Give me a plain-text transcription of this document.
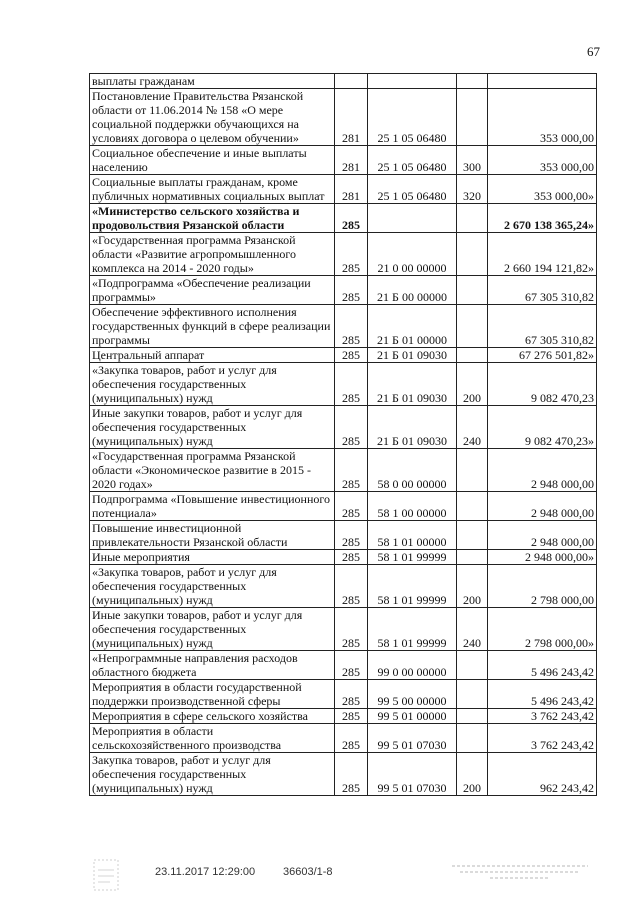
67
выплаты гражданам				
Постановление Правительства Рязанской области от 11.06.2014 № 158 «О мере социальной поддержки обучающихся на условиях договора о целевом обучении»	281	25 1 05 06480		353 000,00
Социальное обеспечение и иные выплаты населению	281	25 1 05 06480	300	353 000,00
Социальные выплаты гражданам, кроме публичных нормативных социальных выплат	281	25 1 05 06480	320	353 000,00»
«Министерство сельского хозяйства и продовольствия Рязанской области	285			2 670 138 365,24»
«Государственная программа Рязанской области «Развитие агропромышленного комплекса на 2014 - 2020 годы»	285	21 0 00 00000		2 660 194 121,82»
«Подпрограмма «Обеспечение реализации программы»	285	21 Б 00 00000		67 305 310,82
Обеспечение эффективного исполнения государственных функций в сфере реализации программы	285	21 Б 01 00000		67 305 310,82
Центральный аппарат	285	21 Б 01 09030		67 276 501,82»
«Закупка товаров, работ и услуг для обеспечения государственных (муниципальных) нужд	285	21 Б 01 09030	200	9 082 470,23
Иные закупки товаров, работ и услуг для обеспечения государственных (муниципальных) нужд	285	21 Б 01 09030	240	9 082 470,23»
«Государственная программа Рязанской области «Экономическое развитие в 2015 - 2020 годах»	285	58 0 00 00000		2 948 000,00
Подпрограмма «Повышение инвестиционного потенциала»	285	58 1 00 00000		2 948 000,00
Повышение инвестиционной привлекательности Рязанской области	285	58 1 01 00000		2 948 000,00
Иные мероприятия	285	58 1 01 99999		2 948 000,00»
«Закупка товаров, работ и услуг для обеспечения государственных (муниципальных) нужд	285	58 1 01 99999	200	2 798 000,00
Иные закупки товаров, работ и услуг для обеспечения государственных (муниципальных) нужд	285	58 1 01 99999	240	2 798 000,00»
«Непрограммные направления расходов областного бюджета	285	99 0 00 00000		5 496 243,42
Мероприятия в области государственной поддержки производственной сферы	285	99 5 00 00000		5 496 243,42
Мероприятия в сфере сельского хозяйства	285	99 5 01 00000		3 762 243,42
Мероприятия в области сельскохозяйственного производства	285	99 5 01 07030		3 762 243,42
Закупка товаров, работ и услуг для обеспечения государственных (муниципальных) нужд	285	99 5 01 07030	200	962 243,42
23.11.2017 12:29:00	36603/1-8
